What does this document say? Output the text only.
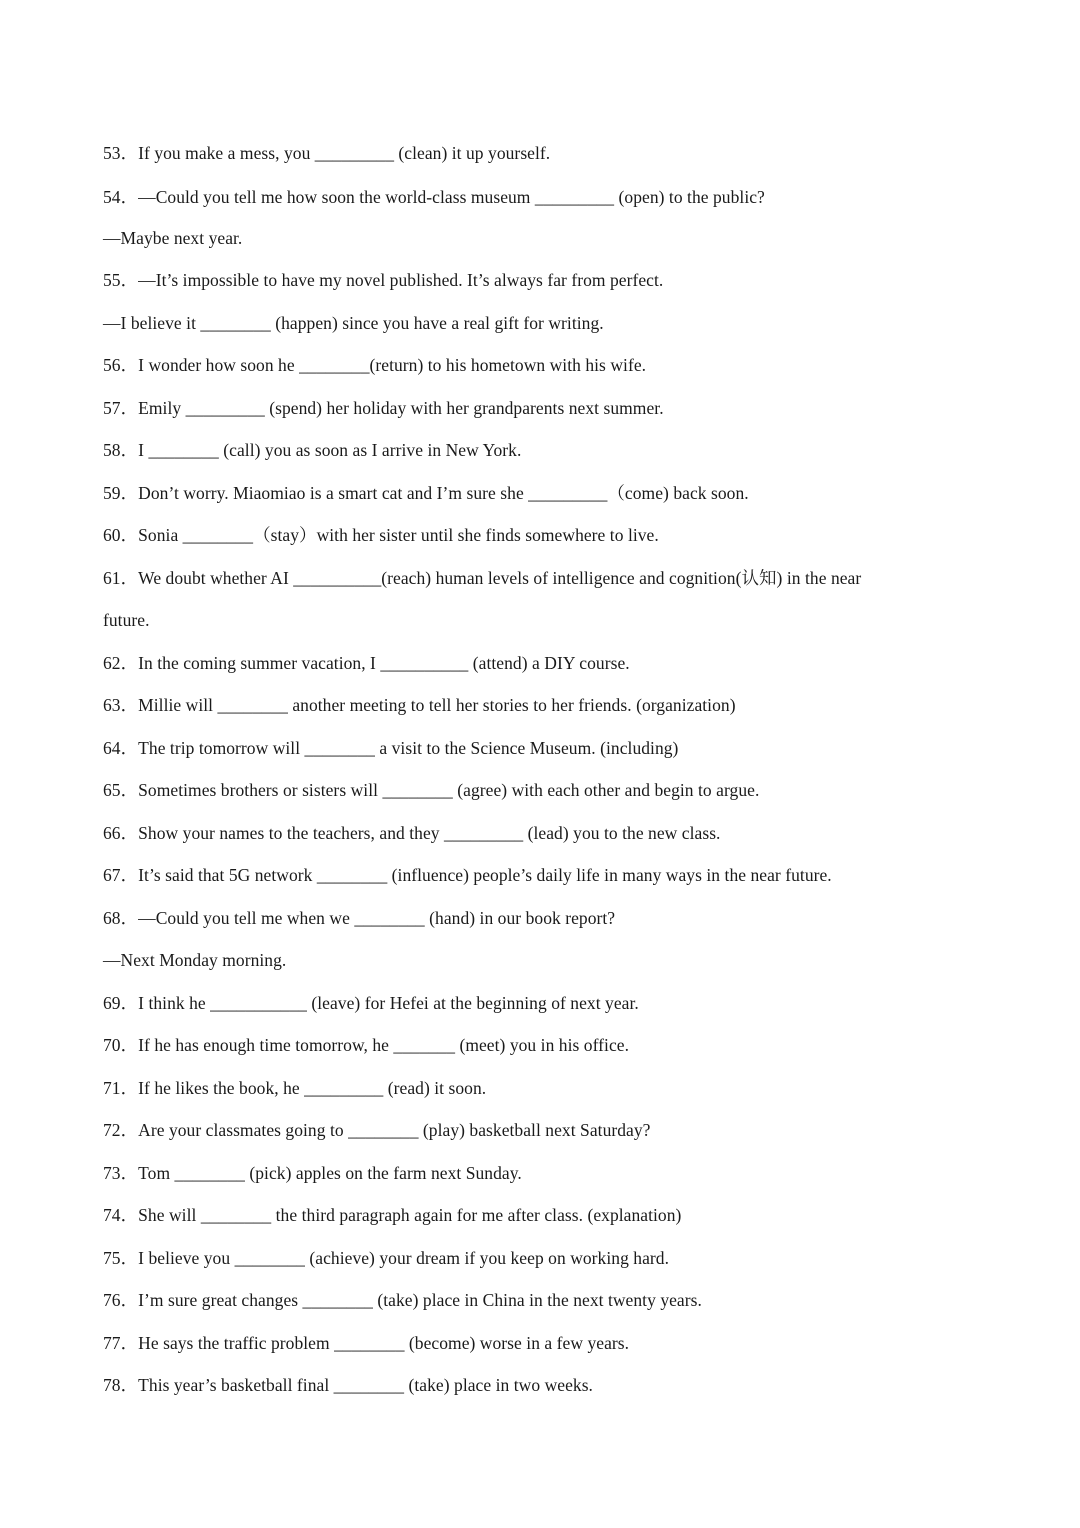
53．If you make a mess, you _________ (clean) it up yourself.
54．—Could you tell me how soon the world-class museum _________ (open) to the public?
—Maybe next year.
55．—It’s impossible to have my novel published. It’s always far from perfect.
—I believe it ________ (happen) since you have a real gift for writing.
56．I wonder how soon he ________(return) to his hometown with his wife.
57．Emily _________ (spend) her holiday with her grandparents next summer.
58．I ________ (call) you as soon as I arrive in New York.
59．Don’t worry. Miaomiao is a smart cat and I’m sure she _________（come) back soon.
60．Sonia ________（stay）with her sister until she finds somewhere to live.
61．We doubt whether AI __________(reach) human levels of intelligence and cognition(认知) in the near
future.
62．In the coming summer vacation, I __________ (attend) a DIY course.
63．Millie will ________ another meeting to tell her stories to her friends. (organization)
64．The trip tomorrow will ________ a visit to the Science Museum. (including)
65．Sometimes brothers or sisters will ________ (agree) with each other and begin to argue.
66．Show your names to the teachers, and they _________ (lead) you to the new class.
67．It’s said that 5G network ________ (influence) people’s daily life in many ways in the near future.
68．—Could you tell me when we ________ (hand) in our book report?
—Next Monday morning.
69．I think he ___________ (leave) for Hefei at the beginning of next year.
70．If he has enough time tomorrow, he _______ (meet) you in his office.
71．If he likes the book, he _________ (read) it soon.
72．Are your classmates going to ________ (play) basketball next Saturday?
73．Tom ________ (pick) apples on the farm next Sunday.
74．She will ________ the third paragraph again for me after class. (explanation)
75．I believe you ________ (achieve) your dream if you keep on working hard.
76．I’m sure great changes ________ (take) place in China in the next twenty years.
77．He says the traffic problem ________ (become) worse in a few years.
78．This year’s basketball final ________ (take) place in two weeks.
